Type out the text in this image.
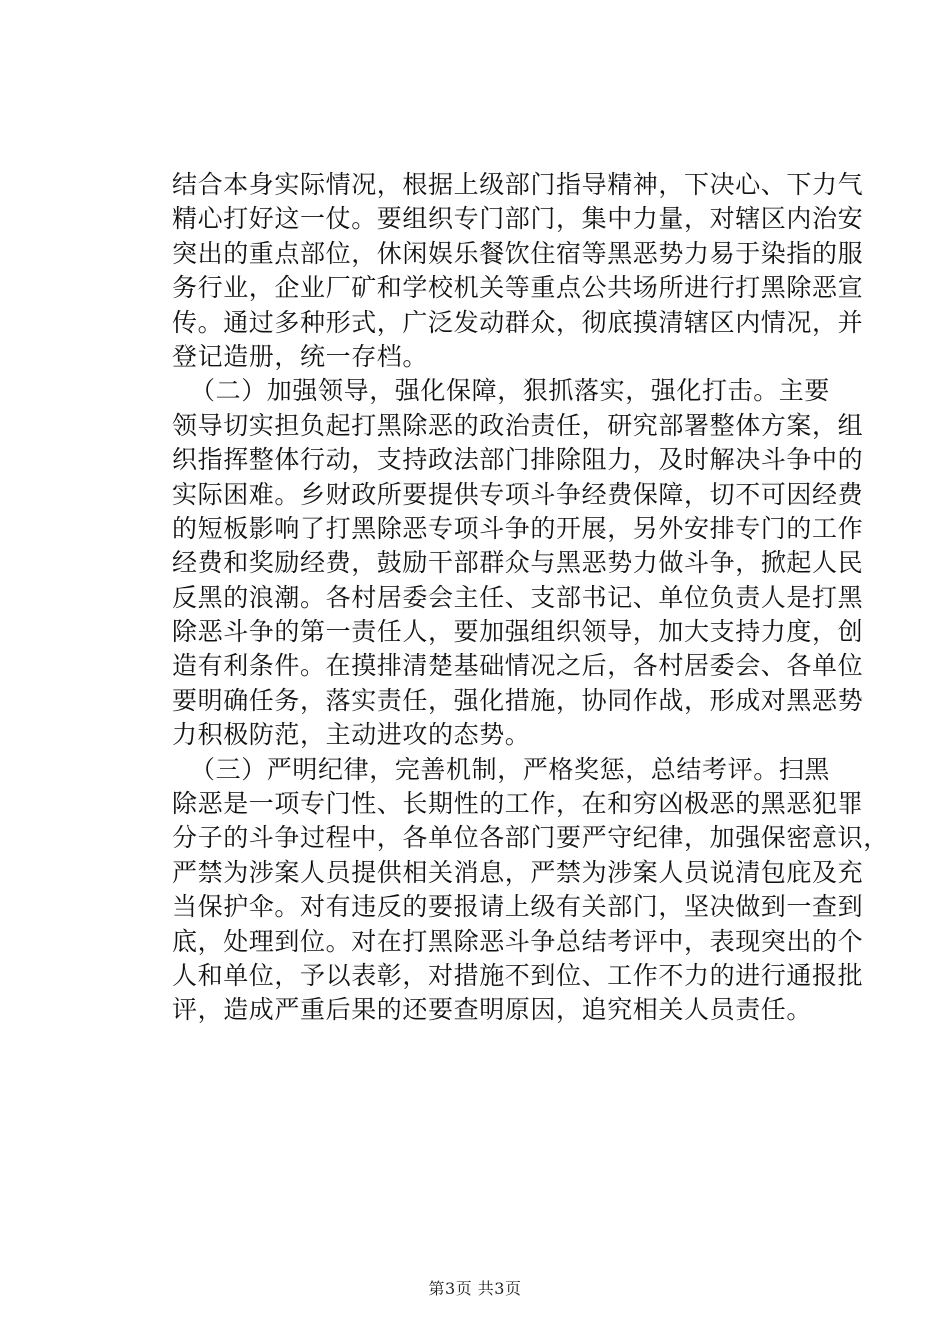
结合本身实际情况，根据上级部门指导精神，下决心、下力气
精心打好这一仗。要组织专门部门，集中力量，对辖区内治安
突出的重点部位，休闲娱乐餐饮住宿等黑恶势力易于染指的服
务行业，企业厂矿和学校机关等重点公共场所进行打黑除恶宣
传。通过多种形式，广泛发动群众，彻底摸清辖区内情况，并
登记造册，统一存档。
（二）加强领导，强化保障，狠抓落实，强化打击。主要
领导切实担负起打黑除恶的政治责任，研究部署整体方案，组
织指挥整体行动，支持政法部门排除阻力，及时解决斗争中的
实际困难。乡财政所要提供专项斗争经费保障，切不可因经费
的短板影响了打黑除恶专项斗争的开展，另外安排专门的工作
经费和奖励经费，鼓励干部群众与黑恶势力做斗争，掀起人民
反黑的浪潮。各村居委会主任、支部书记、单位负责人是打黑
除恶斗争的第一责任人，要加强组织领导，加大支持力度，创
造有利条件。在摸排清楚基础情况之后，各村居委会、各单位
要明确任务，落实责任，强化措施，协同作战，形成对黑恶势
力积极防范，主动进攻的态势。
（三）严明纪律，完善机制，严格奖惩，总结考评。扫黑
除恶是一项专门性、长期性的工作，在和穷凶极恶的黑恶犯罪
分子的斗争过程中，各单位各部门要严守纪律，加强保密意识，
严禁为涉案人员提供相关消息，严禁为涉案人员说清包庇及充
当保护伞。对有违反的要报请上级有关部门，坚决做到一查到
底，处理到位。对在打黑除恶斗争总结考评中，表现突出的个
人和单位，予以表彰，对措施不到位、工作不力的进行通报批
评，造成严重后果的还要查明原因，追究相关人员责任。
第3页 共3页
